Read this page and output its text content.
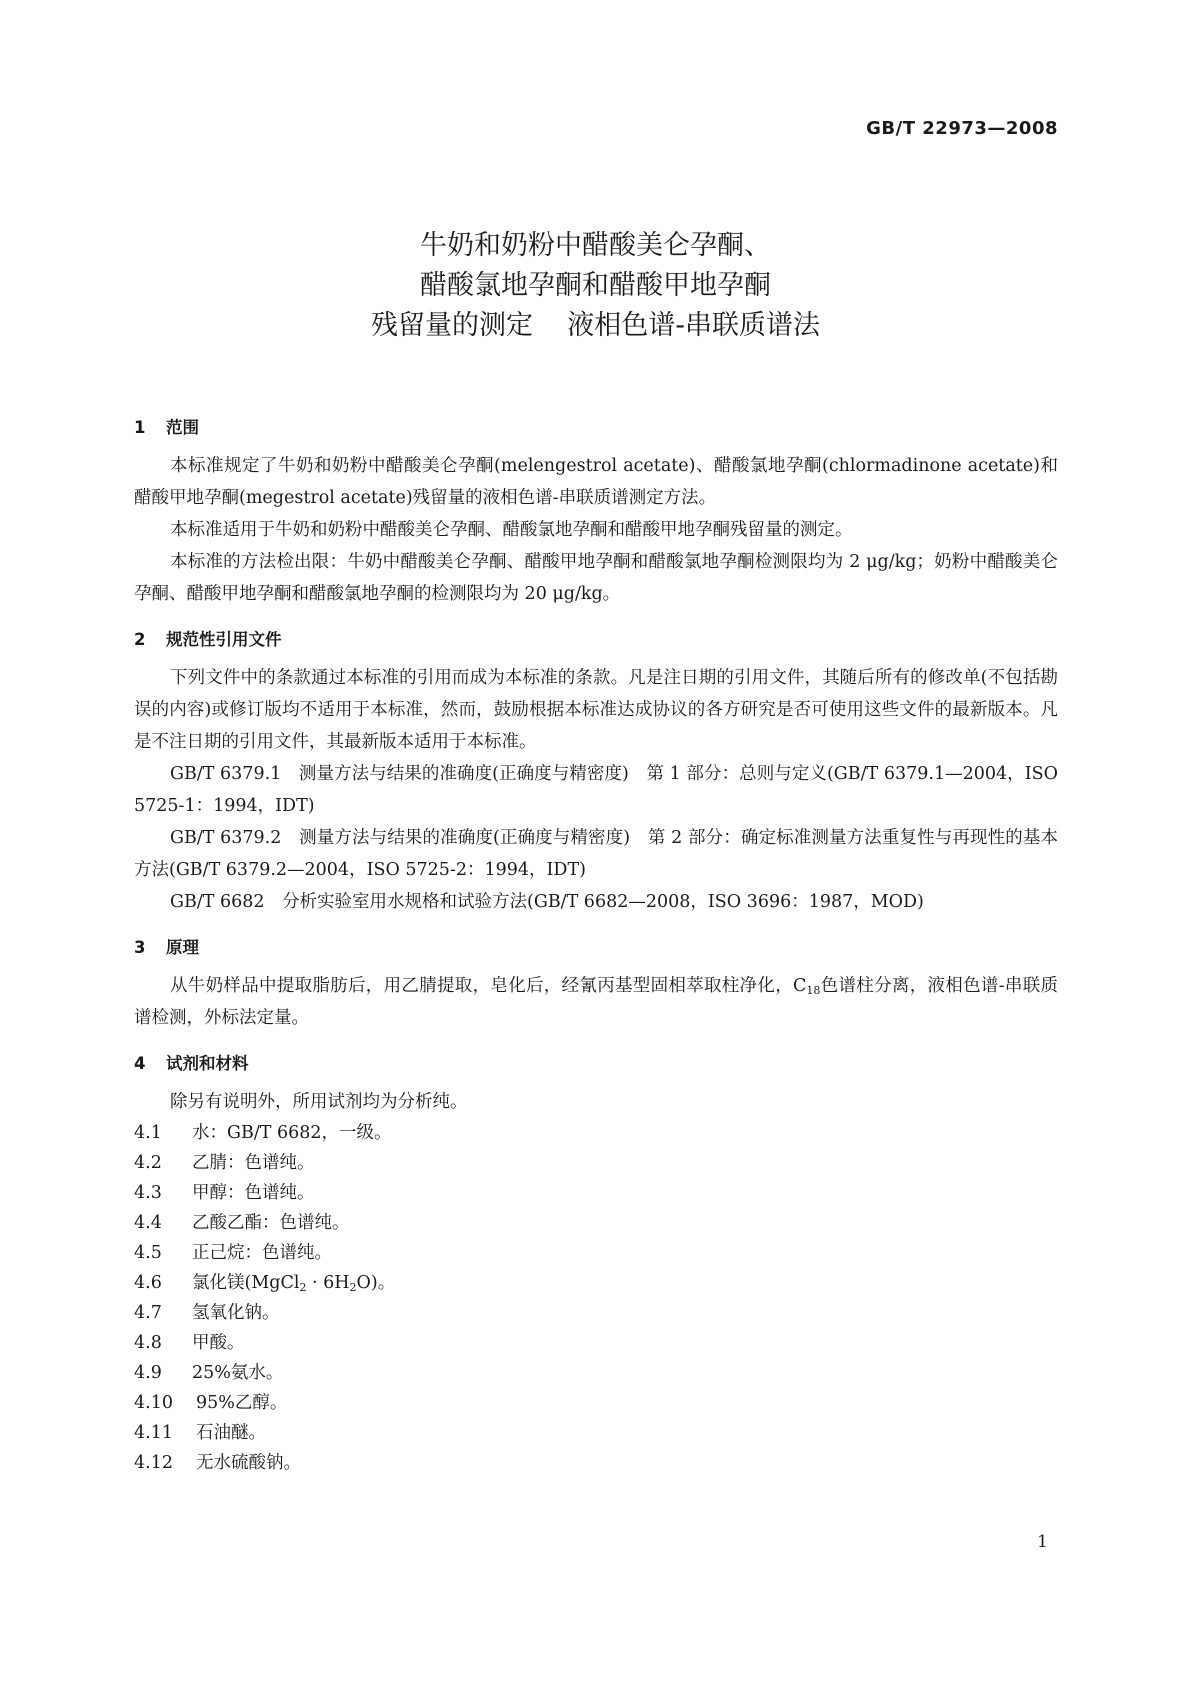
GB/T 22973—2008
牛奶和奶粉中醋酸美仑孕酮、
醋酸氯地孕酮和醋酸甲地孕酮
残留量的测定    液相色谱-串联质谱法
1 范围
本标准规定了牛奶和奶粉中醋酸美仑孕酮(melengestrol acetate)、醋酸氯地孕酮(chlormadinone acetate)和醋酸甲地孕酮(megestrol acetate)残留量的液相色谱-串联质谱测定方法。
本标准适用于牛奶和奶粉中醋酸美仑孕酮、醋酸氯地孕酮和醋酸甲地孕酮残留量的测定。
本标准的方法检出限：牛奶中醋酸美仑孕酮、醋酸甲地孕酮和醋酸氯地孕酮检测限均为 2 μg/kg；奶粉中醋酸美仑孕酮、醋酸甲地孕酮和醋酸氯地孕酮的检测限均为 20 μg/kg。
2 规范性引用文件
下列文件中的条款通过本标准的引用而成为本标准的条款。凡是注日期的引用文件，其随后所有的修改单(不包括勘误的内容)或修订版均不适用于本标准，然而，鼓励根据本标准达成协议的各方研究是否可使用这些文件的最新版本。凡是不注日期的引用文件，其最新版本适用于本标准。
GB/T 6379.1　测量方法与结果的准确度(正确度与精密度)　第 1 部分：总则与定义(GB/T 6379.1—2004，ISO 5725-1：1994，IDT)
GB/T 6379.2　测量方法与结果的准确度(正确度与精密度)　第 2 部分：确定标准测量方法重复性与再现性的基本方法(GB/T 6379.2—2004，ISO 5725-2：1994，IDT)
GB/T 6682　分析实验室用水规格和试验方法(GB/T 6682—2008，ISO 3696：1987，MOD)
3 原理
从牛奶样品中提取脂肪后，用乙腈提取，皂化后，经氰丙基型固相萃取柱净化，$C_{18}$色谱柱分离，液相色谱-串联质谱检测，外标法定量。
4 试剂和材料
除另有说明外，所用试剂均为分析纯。
4.1 水：GB/T 6682，一级。
4.2 乙腈：色谱纯。
4.3 甲醇：色谱纯。
4.4 乙酸乙酯：色谱纯。
4.5 正己烷：色谱纯。
4.6 氯化镁(MgCl$_2$ · $6H_2O$)。
4.7 氢氧化钠。
4.8 甲酸。
4.9 25%氨水。
4.10 95%乙醇。
4.11 石油醚。
4.12 无水硫酸钠。
1
